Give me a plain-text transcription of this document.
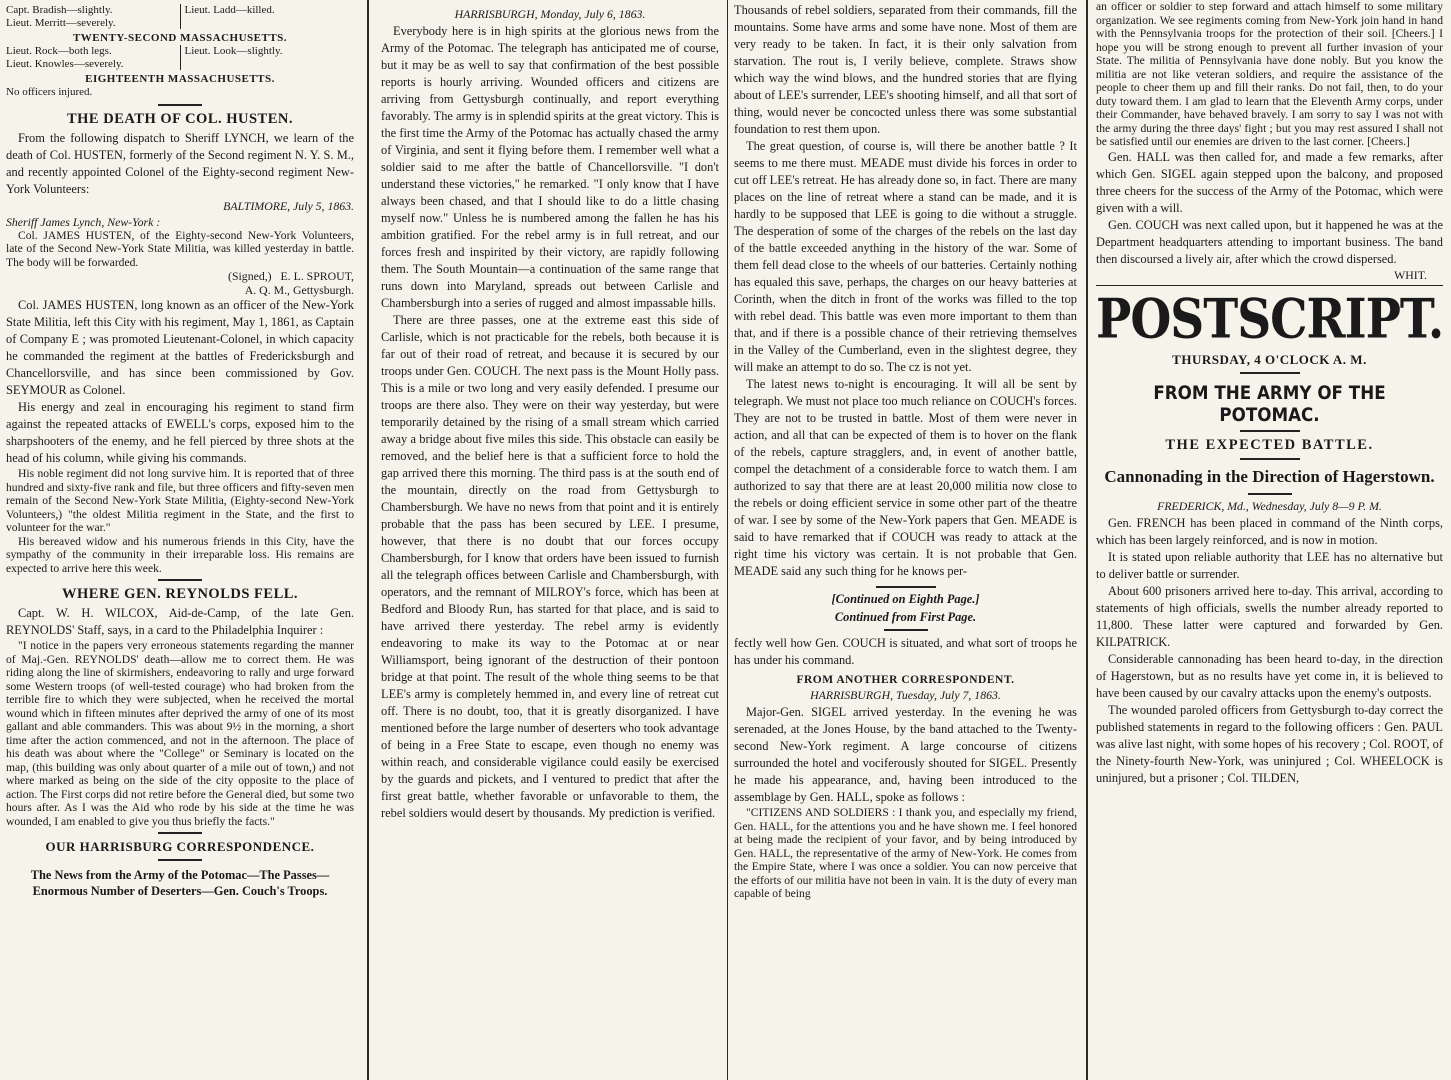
Capt. Bradish—slightly.
Lieut. Merritt—severely.
Lieut. Ladd—killed.
TWENTY-SECOND MASSACHUSETTS.
Lieut. Rock—both legs.
Lieut. Knowles—severely.
Lieut. Look—slightly.
EIGHTEENTH MASSACHUSETTS.

No officers injured.

THE DEATH OF COL. HUSTEN.

From the following dispatch to Sheriff LYNCH, we learn of the death of Col. HUSTEN, formerly of the Second regiment N. Y. S. M., and recently appointed Colonel of the Eighty-second regiment New-York Volunteers:

BALTIMORE, July 5, 1863.
Sheriff James Lynch, New-York :

Col. JAMES HUSTEN, of the Eighty-second New-York Volunteers, late of the Second New-York State Militia, was killed yesterday in battle. The body will be forwarded.

(Signed,) E. L. SPROUT,
A. Q. M., Gettysburgh.

Col. JAMES HUSTEN, long known as an officer of the New-York State Militia, left this City with his regiment, May 1, 1861, as Captain of Company E ; was promoted Lieutenant-Colonel, in which capacity he commanded the regiment at the battles of Fredericksburgh and Chancellorsville, and has since been commissioned by Gov. SEYMOUR as Colonel.

His energy and zeal in encouraging his regiment to stand firm against the repeated attacks of EWELL's corps, exposed him to the sharpshooters of the enemy, and he fell pierced by three shots at the head of his column, while giving his commands.

His noble regiment did not long survive him. It is reported that of three hundred and sixty-five rank and file, but three officers and fifty-seven men remain of the Second New-York State Militia, (Eighty-second New-York Volunteers,) "the oldest Militia regiment in the State, and the first to volunteer for the war."

His bereaved widow and his numerous friends in this City, have the sympathy of the community in their irreparable loss. His remains are expected to arrive here this week.

WHERE GEN. REYNOLDS FELL.

Capt. W. H. WILCOX, Aid-de-Camp, of the late Gen. REYNOLDS' Staff, says, in a card to the Philadelphia Inquirer :

"I notice in the papers very erroneous statements regarding the manner of Maj.-Gen. REYNOLDS' death—allow me to correct them. He was riding along the line of skirmishers, endeavoring to rally and urge forward some Western troops (of well-tested courage) who had broken from the terrible fire to which they were subjected, when he received the mortal wound which in fifteen minutes after deprived the army of one of its most gallant and able commanders. This was about 9½ in the morning, a short time after the action commenced, and not in the afternoon. The place of his death was about where the "College" or Seminary is located on the map, (this building was only about quarter of a mile out of town,) and not where marked as being on the side of the city opposite to the place of action. The First corps did not retire before the General died, but some two hours after. As I was the Aid who rode by his side at the time he was wounded, I am enabled to give you thus briefly the facts."

OUR HARRISBURG CORRESPONDENCE.
The News from the Army of the Potomac—The Passes—Enormous Number of Deserters—Gen. Couch's Troops.
HARRISBURGH, Monday, July 6, 1863.

Everybody here is in high spirits at the glorious news from the Army of the Potomac. The telegraph has anticipated me of course, but it may be as well to say that confirmation of the best possible reports is hourly arriving. Wounded officers and citizens are arriving from Gettysburgh continually, and report everything favorably. The army is in splendid spirits at the great victory. This is the first time the Army of the Potomac has actually chased the army of Virginia, and sent it flying before them. I remember well what a soldier said to me after the battle of Chancellorsville. "I don't understand these victories," he remarked. "I only know that I have always been chased, and that I should like to do a little chasing myself now." Unless he is numbered among the fallen he has his ambition gratified. For the rebel army is in full retreat, and our forces fresh and inspirited by their victory, are rapidly following them. The South Mountain—a continuation of the same range that runs down into Maryland, spreads out between Carlisle and Chambersburgh into a series of rugged and almost impassable hills.

There are three passes, one at the extreme east this side of Carlisle, which is not practicable for the rebels, both because it is far out of their road of retreat, and because it is secured by our troops under Gen. COUCH. The next pass is the Mount Holly pass. This is a mile or two long and very easily defended. I presume our troops are there also. They were on their way yesterday, but were temporarily detained by the rising of a small stream which carried away a bridge about five miles this side. This obstacle can easily be removed, and the belief here is that a sufficient force to hold the gap arrived there this morning. The third pass is at the south end of the mountain, directly on the road from Gettysburgh to Chambersburgh. We have no news from that point and it is entirely probable that the pass has been secured by LEE. I presume, however, that there is no doubt that our forces occupy Chambersburgh, for I know that orders have been issued to furnish all the telegraph offices between Carlisle and Chambersburgh, with operators, and the remnant of MILROY's force, which has been at Bedford and Bloody Run, has started for that place, and is said to have arrived there yesterday. The rebel army is evidently endeavoring to make its way to the Potomac at or near Williamsport, being ignorant of the destruction of their pontoon bridge at that point. The result of the whole thing seems to be that LEE's army is completely hemmed in, and every line of retreat cut off. There is no doubt, too, that it is greatly disorganized. I have mentioned before the large number of deserters who took advantage of being in a Free State to escape, even though no enemy was within reach, and considerable vigilance could easily be exercised by the guards and pickets, and I ventured to predict that after the first great battle, whether favorable or unfavorable to them, the rebel soldiers would desert by thousands. My prediction is verified.

Thousands of rebel soldiers, separated from their commands, fill the mountains. Some have arms and some have none. Most of them are very ready to be taken. In fact, it is their only salvation from starvation. The rout is, I verily believe, complete. Straws show which way the wind blows, and the hundred stories that are flying about of LEE's surrender, LEE's shooting himself, and all that sort of thing, would never be concocted unless there was some substantial foundation to rest them upon.

The great question, of course is, will there be another battle ? It seems to me there must. MEADE must divide his forces in order to cut off LEE's retreat. He has already done so, in fact. There are many places on the line of retreat where a stand can be made, and it is hardly to be supposed that LEE is going to die without a struggle. The desperation of some of the charges of the rebels on the last day of the battle exceeded anything in the history of the war. Some of them fell dead close to the wheels of our batteries. Certainly nothing has equaled this save, perhaps, the charges on our heavy batteries at Corinth, when the ditch in front of the works was filled to the top with rebel dead. This battle was even more important to them than that, and if there is a possible chance of their retrieving themselves in the Valley of the Cumberland, even in the slightest degree, they will make an attempt to do so. The cz is not yet.

The latest news to-night is encouraging. It will all be sent by telegraph. We must not place too much reliance on COUCH's forces. They are not to be trusted in battle. Most of them were never in action, and all that can be expected of them is to hover on the flank of the rebels, capture stragglers, and, in event of another battle, compel the detachment of a considerable force to watch them. I am authorized to say that there are at least 20,000 militia now close to the rebels or doing efficient service in some other part of the theatre of war. I see by some of the New-York papers that Gen. MEADE is said to have remarked that if COUCH was ready to attack at the right time his victory was certain. It is not probable that Gen. MEADE said any such thing for he knows per-

[Continued on Eighth Page.]
Continued from First Page.

fectly well how Gen. COUCH is situated, and what sort of troops he has under his command.

FROM ANOTHER CORRESPONDENT.
HARRISBURGH, Tuesday, July 7, 1863.

Major-Gen. SIGEL arrived yesterday. In the evening he was serenaded, at the Jones House, by the band attached to the Twenty-second New-York regiment. A large concourse of citizens surrounded the hotel and vociferously shouted for SIGEL. Presently he made his appearance, and, having been introduced to the assemblage by Gen. HALL, spoke as follows :

"CITIZENS AND SOLDIERS : I thank you, and especially my friend, Gen. HALL, for the attentions you and he have shown me. I feel honored at being made the recipient of your favor, and by being introduced by Gen. HALL, the representative of the army of New-York. He comes from the Empire State, where I was once a soldier. You can now perceive that the efforts of our militia have not been in vain. It is the duty of every man capable of being

an officer or soldier to step forward and attach himself to some military organization. We see regiments coming from New-York join hand in hand with the Pennsylvania troops for the protection of their soil. [Cheers.] I hope you will be strong enough to prevent all further invasion of your State. The militia of Pennsylvania have done nobly. But you know the militia are not like veteran soldiers, and require the assistance of the people to cheer them up and fill their ranks. Do not fail, then, to do your duty toward them. I am glad to learn that the Eleventh Army corps, under their Commander, have behaved bravely. I am sorry to say I was not with the army during the three days' fight ; but you may rest assured I shall not be satisfied until our enemies are driven to the last corner. [Cheers.]

Gen. HALL was then called for, and made a few remarks, after which Gen. SIGEL again stepped upon the balcony, and proposed three cheers for the success of the Army of the Potomac, which were given with a will.

Gen. COUCH was next called upon, but it happened he was at the Department headquarters attending to important business. The band then discoursed a lively air, after which the crowd dispersed.

WHIT.
POSTSCRIPT.
THURSDAY, 4 O'CLOCK A. M.
FROM THE ARMY OF THE POTOMAC.
THE EXPECTED BATTLE.
Cannonading in the Direction of Hagerstown.
FREDERICK, Md., Wednesday, July 8—9 P. M.

Gen. FRENCH has been placed in command of the Ninth corps, which has been largely reinforced, and is now in motion.

It is stated upon reliable authority that LEE has no alternative but to deliver battle or surrender.

About 600 prisoners arrived here to-day. This arrival, according to statements of high officials, swells the number already reported to 11,800. These latter were captured and forwarded by Gen. KILPATRICK.

Considerable cannonading has been heard to-day, in the direction of Hagerstown, but as no results have yet come in, it is believed to have been caused by our cavalry attacks upon the enemy's outposts.

The wounded paroled officers from Gettysburgh to-day correct the published statements in regard to the following officers : Gen. PAUL was alive last night, with some hopes of his recovery ; Col. ROOT, of the Ninety-fourth New-York, was uninjured ; Col. WHEELOCK is uninjured, but a prisoner ; Col. TILDEN,
